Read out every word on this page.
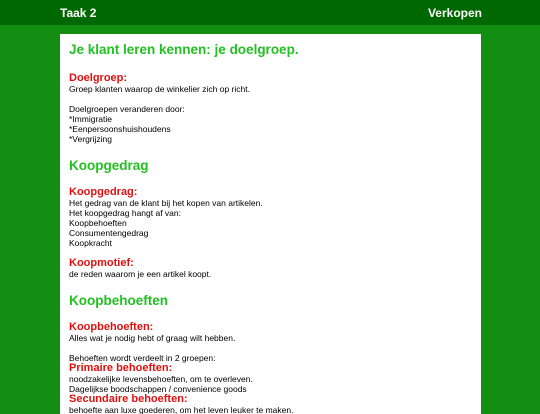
Taak 2	Verkopen
Je klant leren kennen: je doelgroep.
Doelgroep:
Groep klanten waarop de winkelier zich op richt.
Doelgroepen veranderen door:
*Immigratie
*Eenpersoonshuishoudens
*Vergrijzing
Koopgedrag
Koopgedrag:
Het gedrag van de klant bij het kopen van artikelen.
Het koopgedrag hangt af van:
Koopbehoeften
Consumentengedrag
Koopkracht
Koopmotief:
de reden waarom je een artikel koopt.
Koopbehoeften
Koopbehoeften:
Alles wat je nodig hebt of graag wilt hebben.
Behoeften wordt verdeelt in 2 groepen:
Primaire behoeften:
noodzakelijke levensbehoeften, om te overleven.
Dagelijkse boodschappen / convenience goods
Secundaire behoeften:
behoefte aan luxe goederen, om het leven leuker te maken.
